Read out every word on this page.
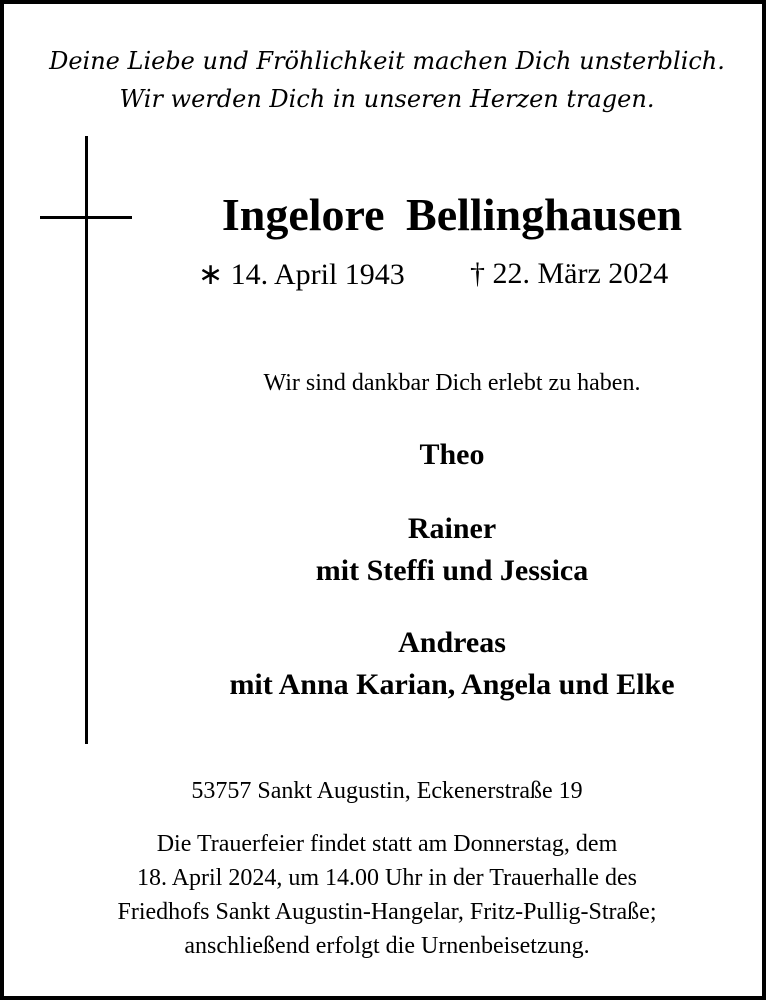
Deine Liebe und Fröhlichkeit machen Dich unsterblich.
Wir werden Dich in unseren Herzen tragen.
Ingelore Bellinghausen
∗ 14. April 1943 † 22. März 2024
Wir sind dankbar Dich erlebt zu haben.
Theo
Rainer
mit Steffi und Jessica
Andreas
mit Anna Karian, Angela und Elke
53757 Sankt Augustin, Eckenerstraße 19
Die Trauerfeier findet statt am Donnerstag, dem
18. April 2024, um 14.00 Uhr in der Trauerhalle des
Friedhofs Sankt Augustin-Hangelar, Fritz-Pullig-Straße;
anschließend erfolgt die Urnenbeisetzung.
